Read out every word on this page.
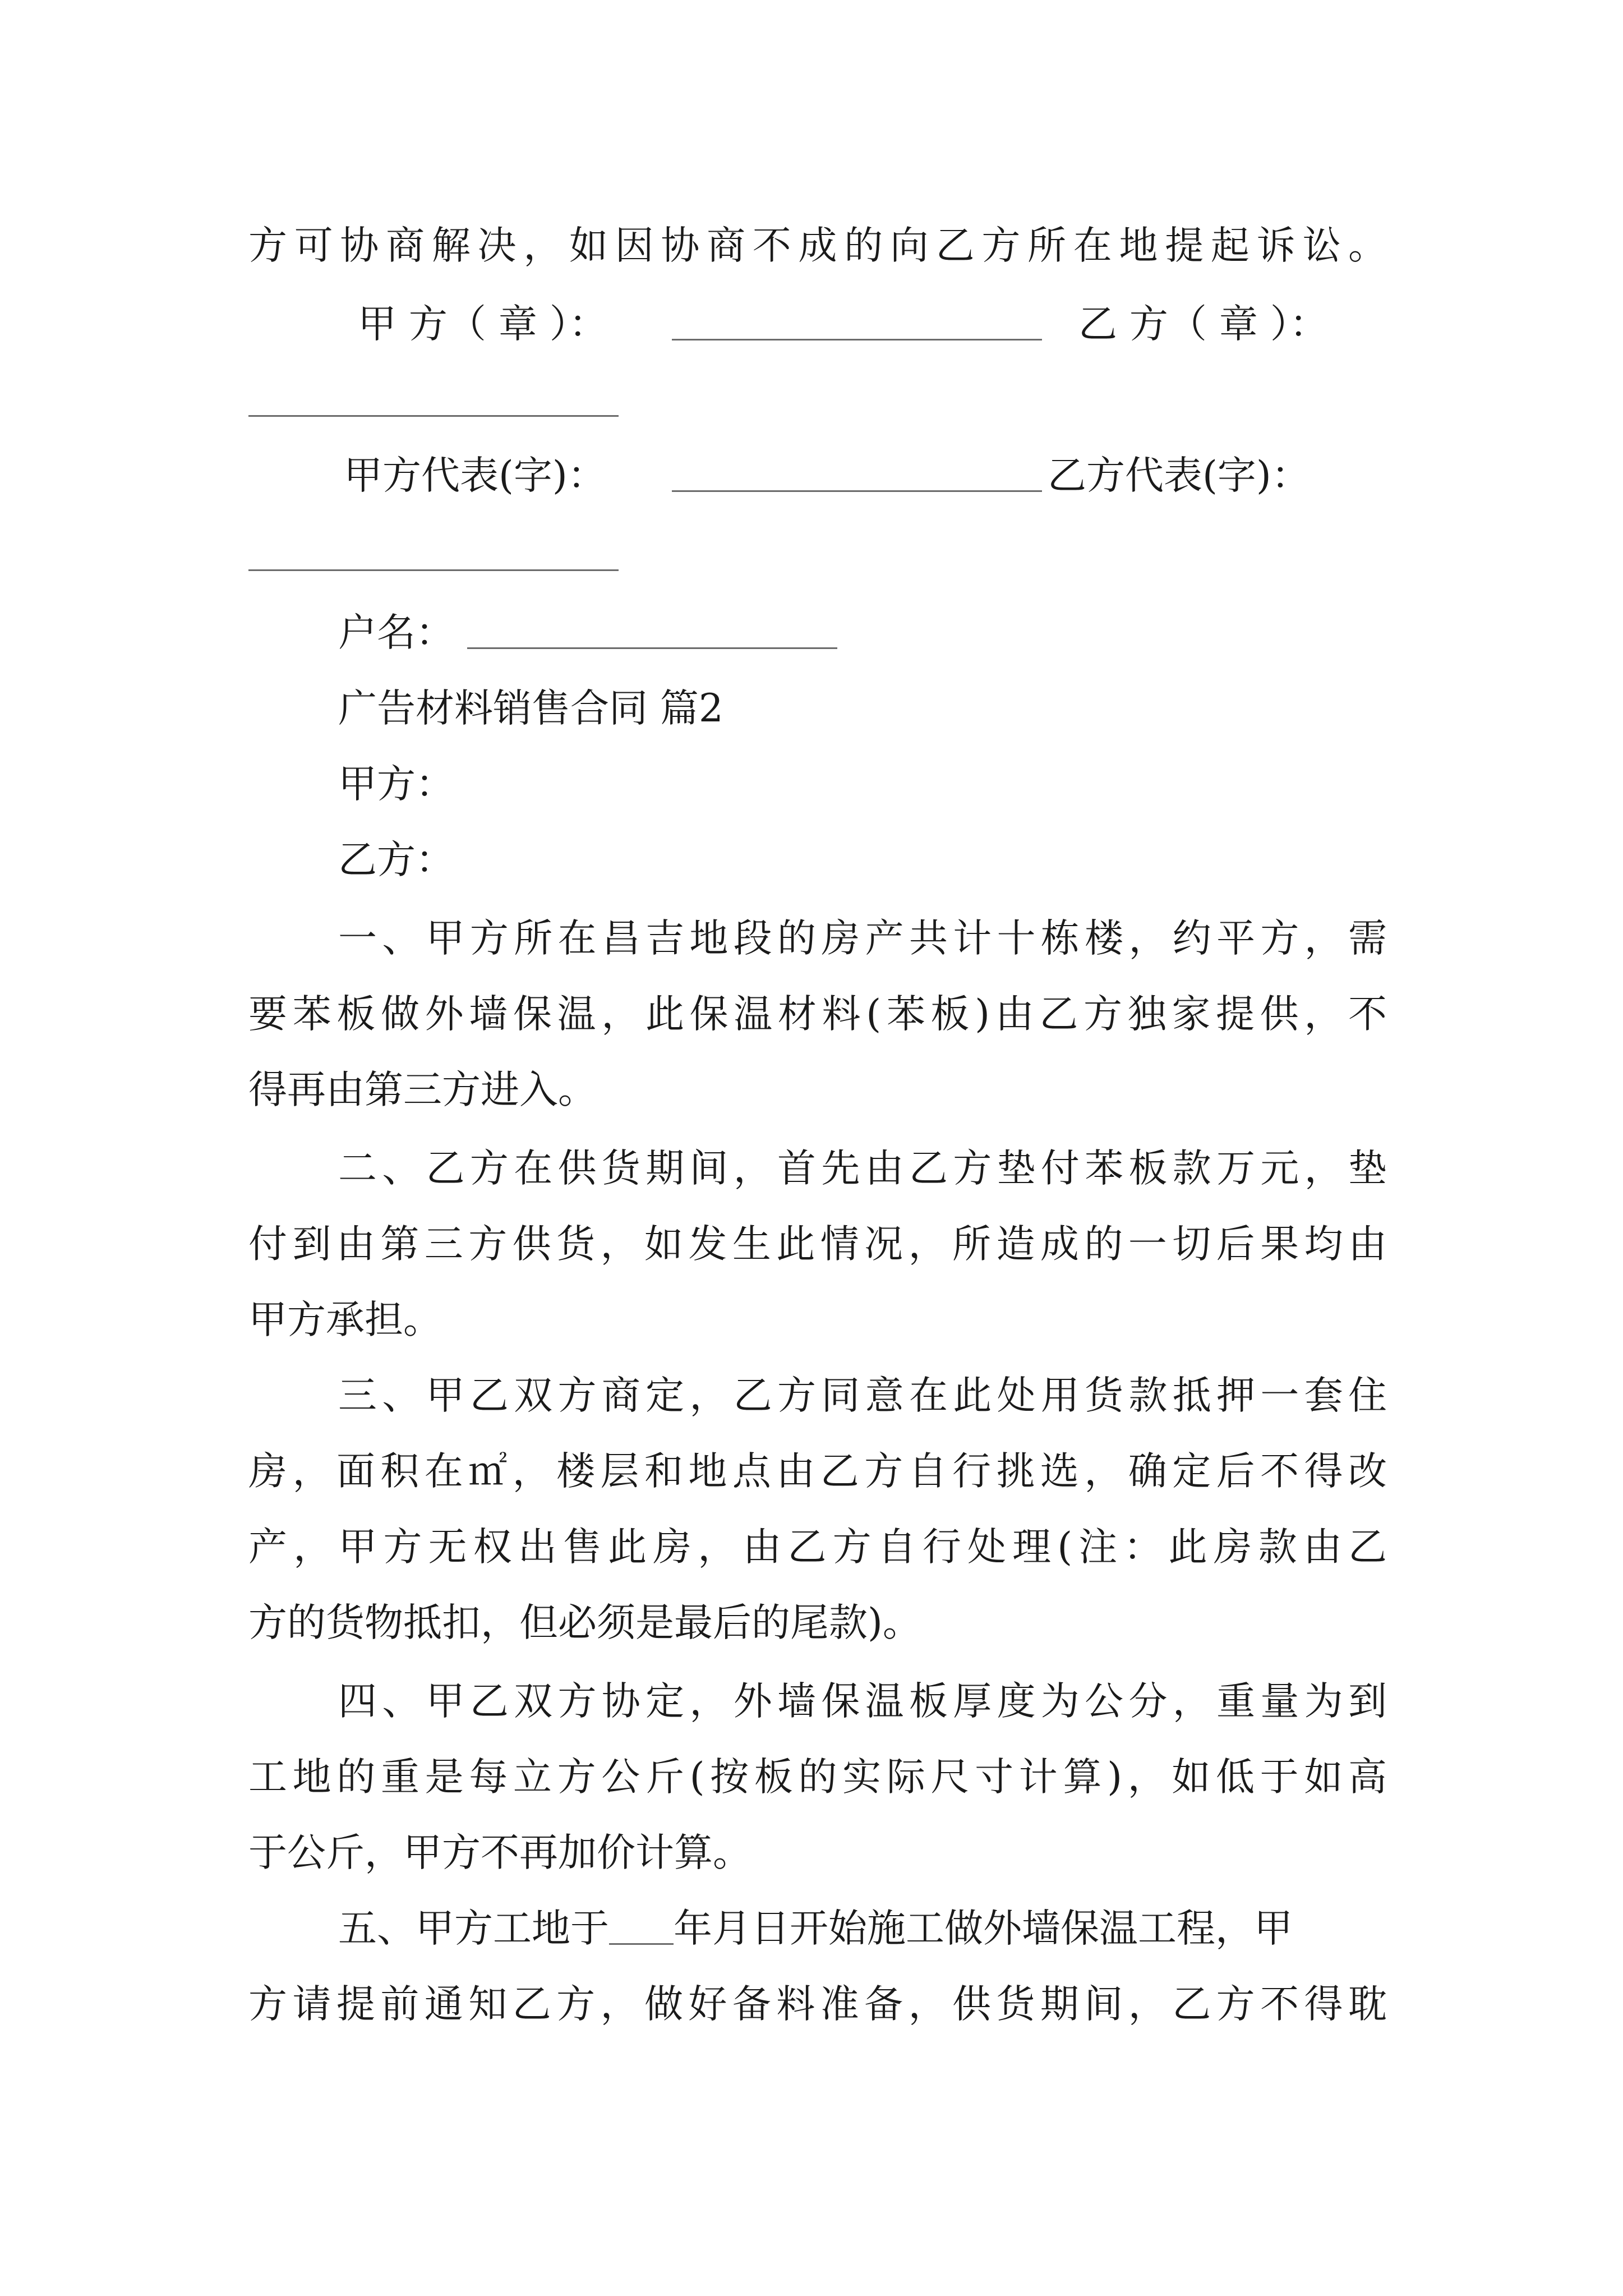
方可协商解决，如因协商不成的向乙方所在地提起诉讼。
甲 方（ 章 ）：	乙 方（ 章 ）：
甲方代表(字)：	乙方代表(字)：
户名：
广告材料销售合同 篇2
甲方：
乙方：
一、甲方所在昌吉地段的房产共计十栋楼，约平方，需
要苯板做外墙保温，此保温材料(苯板)由乙方独家提供，不
得再由第三方进入。
二、乙方在供货期间，首先由乙方垫付苯板款万元，垫
付到由第三方供货，如发生此情况，所造成的一切后果均由
甲方承担。
三、甲乙双方商定，乙方同意在此处用货款抵押一套住
房，面积在㎡，楼层和地点由乙方自行挑选，确定后不得改
产，甲方无权出售此房，由乙方自行处理(注：此房款由乙
方的货物抵扣，但必须是最后的尾款)。
四、甲乙双方协定，外墙保温板厚度为公分，重量为到
工地的重是每立方公斤(按板的实际尺寸计算)，如低于如高
于公斤，甲方不再加价计算。
五、甲方工地于 年月日开始施工做外墙保温工程，甲
方请提前通知乙方，做好备料准备，供货期间，乙方不得耽
